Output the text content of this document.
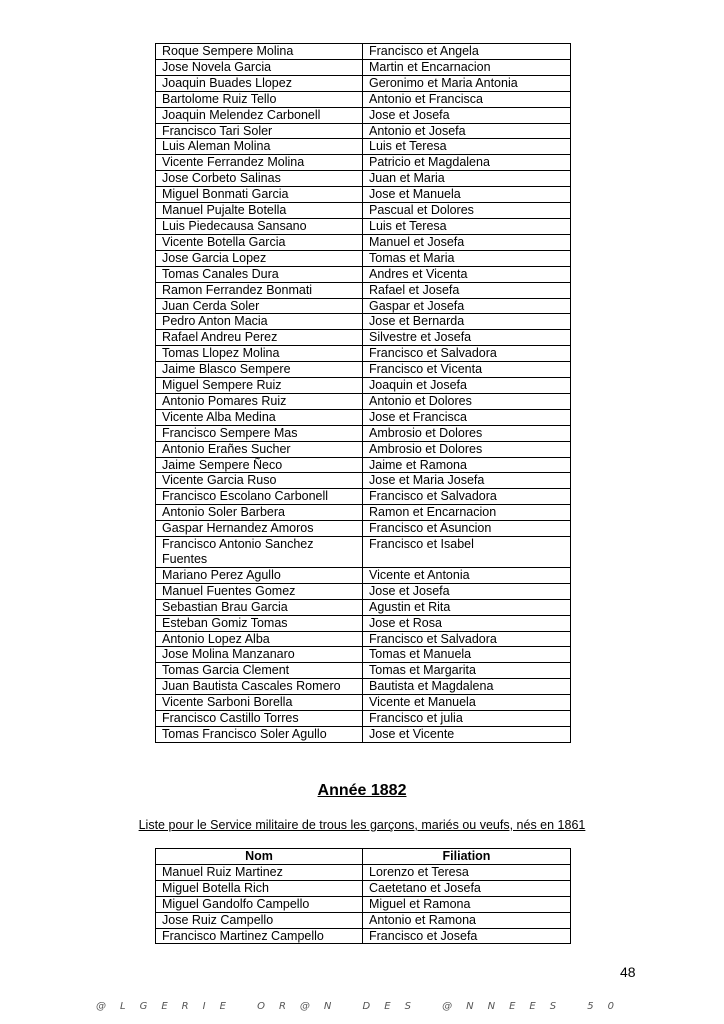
Roque Sempere Molina	Francisco et Angela
Jose Novela Garcia	Martin et Encarnacion
Joaquin Buades Llopez	Geronimo et Maria Antonia
Bartolome Ruiz Tello	Antonio et Francisca
Joaquin Melendez Carbonell	Jose et Josefa
Francisco Tari Soler	Antonio et Josefa
Luis Aleman Molina	Luis et Teresa
Vicente Ferrandez Molina	Patricio et Magdalena
Jose Corbeto Salinas	Juan et Maria
Miguel Bonmati Garcia	Jose et Manuela
Manuel Pujalte Botella	Pascual et Dolores
Luis Piedecausa Sansano	Luis et Teresa
Vicente Botella Garcia	Manuel et Josefa
Jose Garcia Lopez	Tomas et Maria
Tomas Canales Dura	Andres et Vicenta
Ramon Ferrandez Bonmati	Rafael et Josefa
Juan Cerda Soler	Gaspar et Josefa
Pedro Anton Macia	Jose et Bernarda
Rafael Andreu Perez	Silvestre et Josefa
Tomas Llopez Molina	Francisco et Salvadora
Jaime Blasco Sempere	Francisco et Vicenta
Miguel Sempere Ruiz	Joaquin et Josefa
Antonio Pomares Ruiz	Antonio et Dolores
Vicente Alba Medina	Jose et Francisca
Francisco Sempere Mas	Ambrosio et Dolores
Antonio Erañes Sucher	Ambrosio et Dolores
Jaime Sempere Ñeco	Jaime et Ramona
Vicente Garcia Ruso	Jose et Maria Josefa
Francisco Escolano Carbonell	Francisco et Salvadora
Antonio Soler Barbera	Ramon et Encarnacion
Gaspar Hernandez Amoros	Francisco et Asuncion
Francisco Antonio Sanchez Fuentes	Francisco et Isabel
Mariano Perez Agullo	Vicente et Antonia
Manuel Fuentes Gomez	Jose et Josefa
Sebastian Brau Garcia	Agustin et Rita
Esteban Gomiz Tomas	Jose et Rosa
Antonio Lopez Alba	Francisco et Salvadora
Jose Molina Manzanaro	Tomas et Manuela
Tomas Garcia Clement	Tomas et Margarita
Juan Bautista Cascales Romero	Bautista et Magdalena
Vicente Sarboni Borella	Vicente et Manuela
Francisco Castillo Torres	Francisco et julia
Tomas Francisco Soler Agullo	Jose et Vicente
Année 1882
Liste pour le Service militaire de trous les garçons, mariés ou veufs, nés en 1861
Nom	Filiation
Manuel Ruiz Martinez	Lorenzo et Teresa
Miguel Botella Rich	Caetetano et Josefa
Miguel Gandolfo Campello	Miguel et Ramona
Jose Ruiz Campello	Antonio et Ramona
Francisco Martinez Campello	Francisco et Josefa
48
@LGERIE OR@N DES @NNEES 50
